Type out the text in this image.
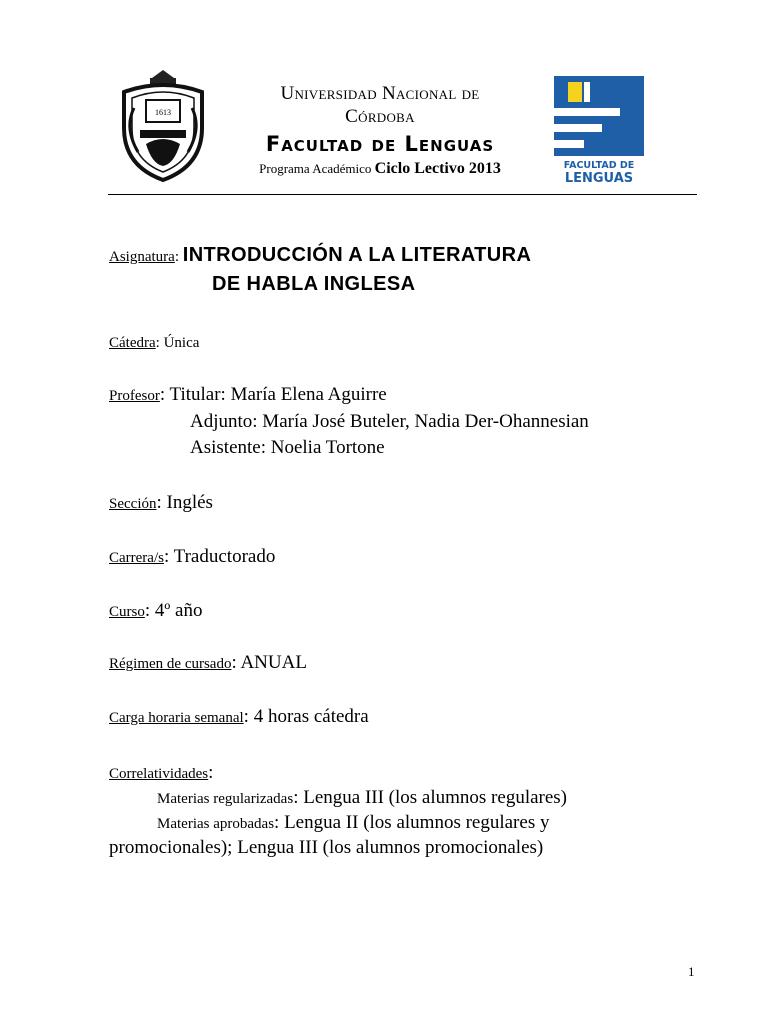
1613
Universidad Nacional de
Córdoba
Facultad de Lenguas
Programa Académico Ciclo Lectivo 2013	FACULTAD DE
LENGUAS
Asignatura: INTRODUCCIÓN A LA LITERATURA
DE HABLA INGLESA
Cátedra: Única
Profesor: Titular: María Elena Aguirre
Adjunto: María José Buteler, Nadia Der-Ohannesian
Asistente: Noelia Tortone
Sección: Inglés
Carrera/s: Traductorado
Curso: 4º año
Régimen de cursado: ANUAL
Carga horaria semanal: 4 horas cátedra
Correlatividades:
Materias regularizadas: Lengua III (los alumnos regulares)
Materias aprobadas: Lengua II (los alumnos regulares y
promocionales); Lengua III (los alumnos promocionales)
1
